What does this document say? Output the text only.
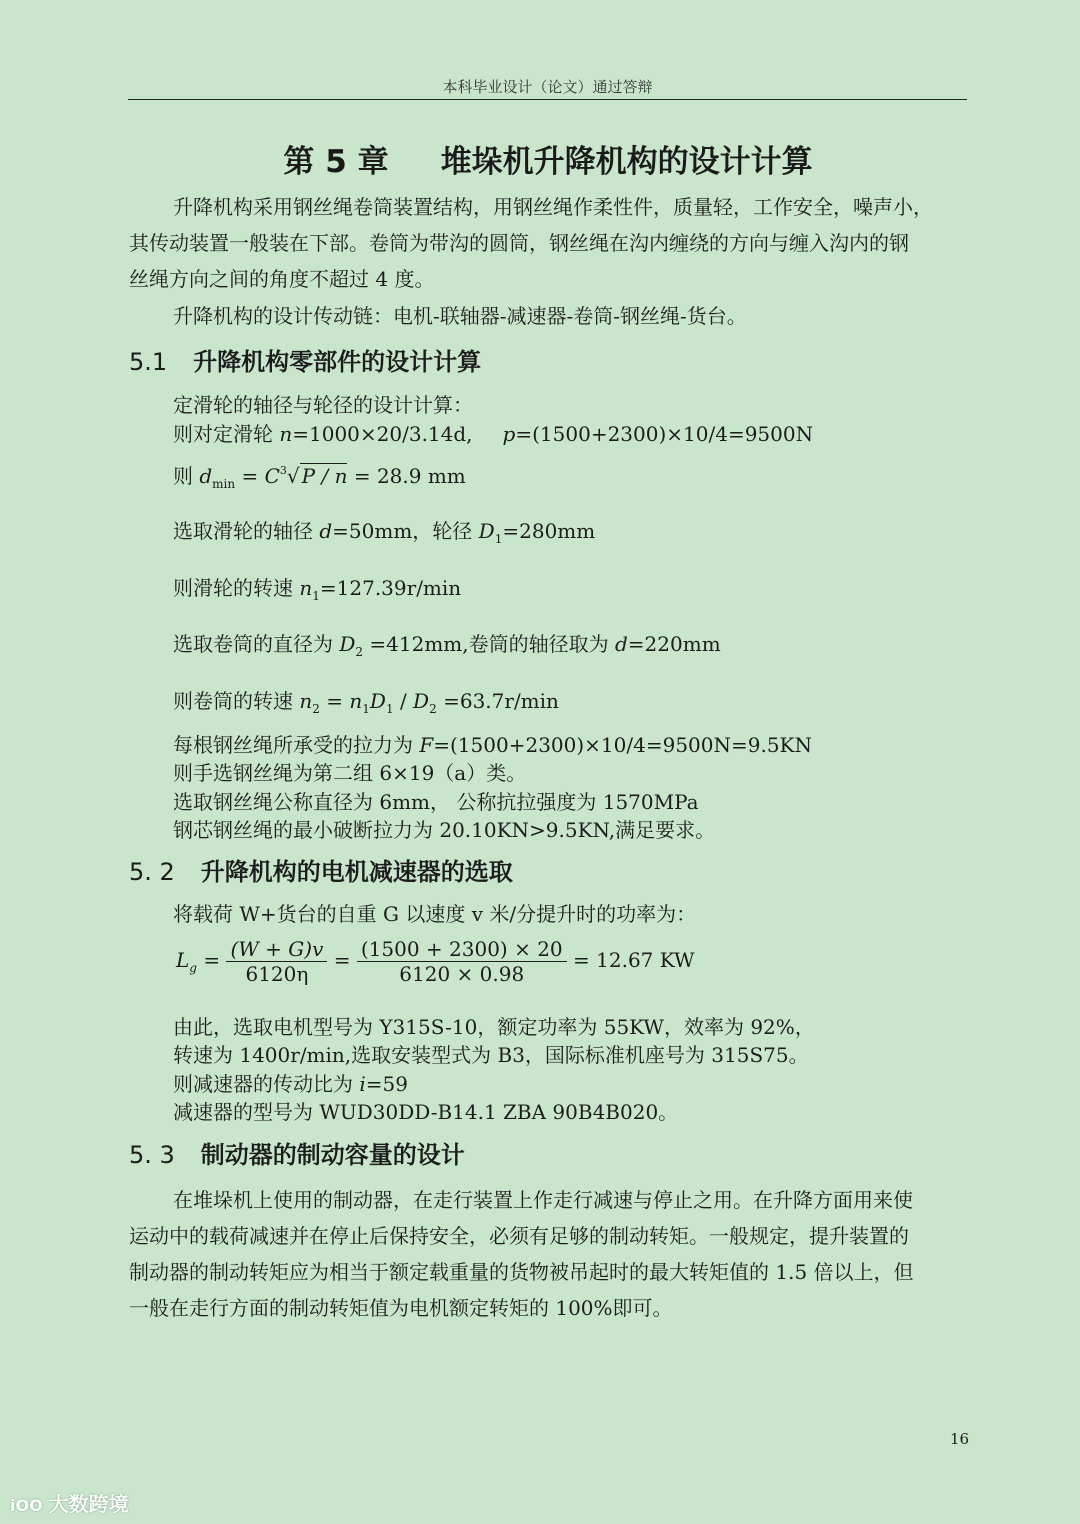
本科毕业设计（论文）通过答辩
第 5 章 堆垛机升降机构的设计计算
升降机构采用钢丝绳卷筒装置结构，用钢丝绳作柔性件，质量轻，工作安全，噪声小，
其传动装置一般装在下部。卷筒为带沟的圆筒，钢丝绳在沟内缠绕的方向与缠入沟内的钢
丝绳方向之间的角度不超过 4 度。
升降机构的设计传动链：电机-联轴器-减速器-卷筒-钢丝绳-货台。
5.1 升降机构零部件的设计计算
定滑轮的轴径与轮径的设计计算：
则对定滑轮 n=1000×20/3.14d, p=(1500+2300)×10/4=9500N
则 $d_{min} = C^3√$ P / n = 28.9 mm
选取滑轮的轴径 d=50mm，轮径 $D_1=280mm$
则滑轮的转速 $n_1=127.39r/\min$
选取卷筒的直径为 $D_2 =412mm$,卷筒的轴径取为 d=220mm
则卷筒的转速 $n_2 = n_1D_1 / D_2 =63.7r/\min$
每根钢丝绳所承受的拉力为 F=(1500+2300)×10/4=9500N=9.5KN
则手选钢丝绳为第二组 6×19（a）类。
选取钢丝绳公称直径为 6mm， 公称抗拉强度为 1570MPa
钢芯钢丝绳的最小破断拉力为 20.10KN>9.5KN,满足要求。
5. 2 升降机构的电机减速器的选取
将载荷 W+货台的自重 G 以速度 v 米/分提升时的功率为：
$L_g = \frac{(W + G)v}{6120\eta} = \frac{(1500 + 2300) \times 20}{6120 \times 0.98} = 12.67$ KW
由此，选取电机型号为 Y315S-10，额定功率为 55KW，效率为 92%，
转速为 1400r/min,选取安装型式为 B3，国际标准机座号为 315S75。
则减速器的传动比为 i=59
减速器的型号为 WUD30DD-B14.1 ZBA 90B4B020。
5. 3 制动器的制动容量的设计
在堆垛机上使用的制动器，在走行装置上作走行减速与停止之用。在升降方面用来使
运动中的载荷减速并在停止后保持安全，必须有足够的制动转矩。一般规定，提升装置的
制动器的制动转矩应为相当于额定载重量的货物被吊起时的最大转矩值的 1.5 倍以上，但
一般在走行方面的制动转矩值为电机额定转矩的 100%即可。
16
iOO 大数跨境
